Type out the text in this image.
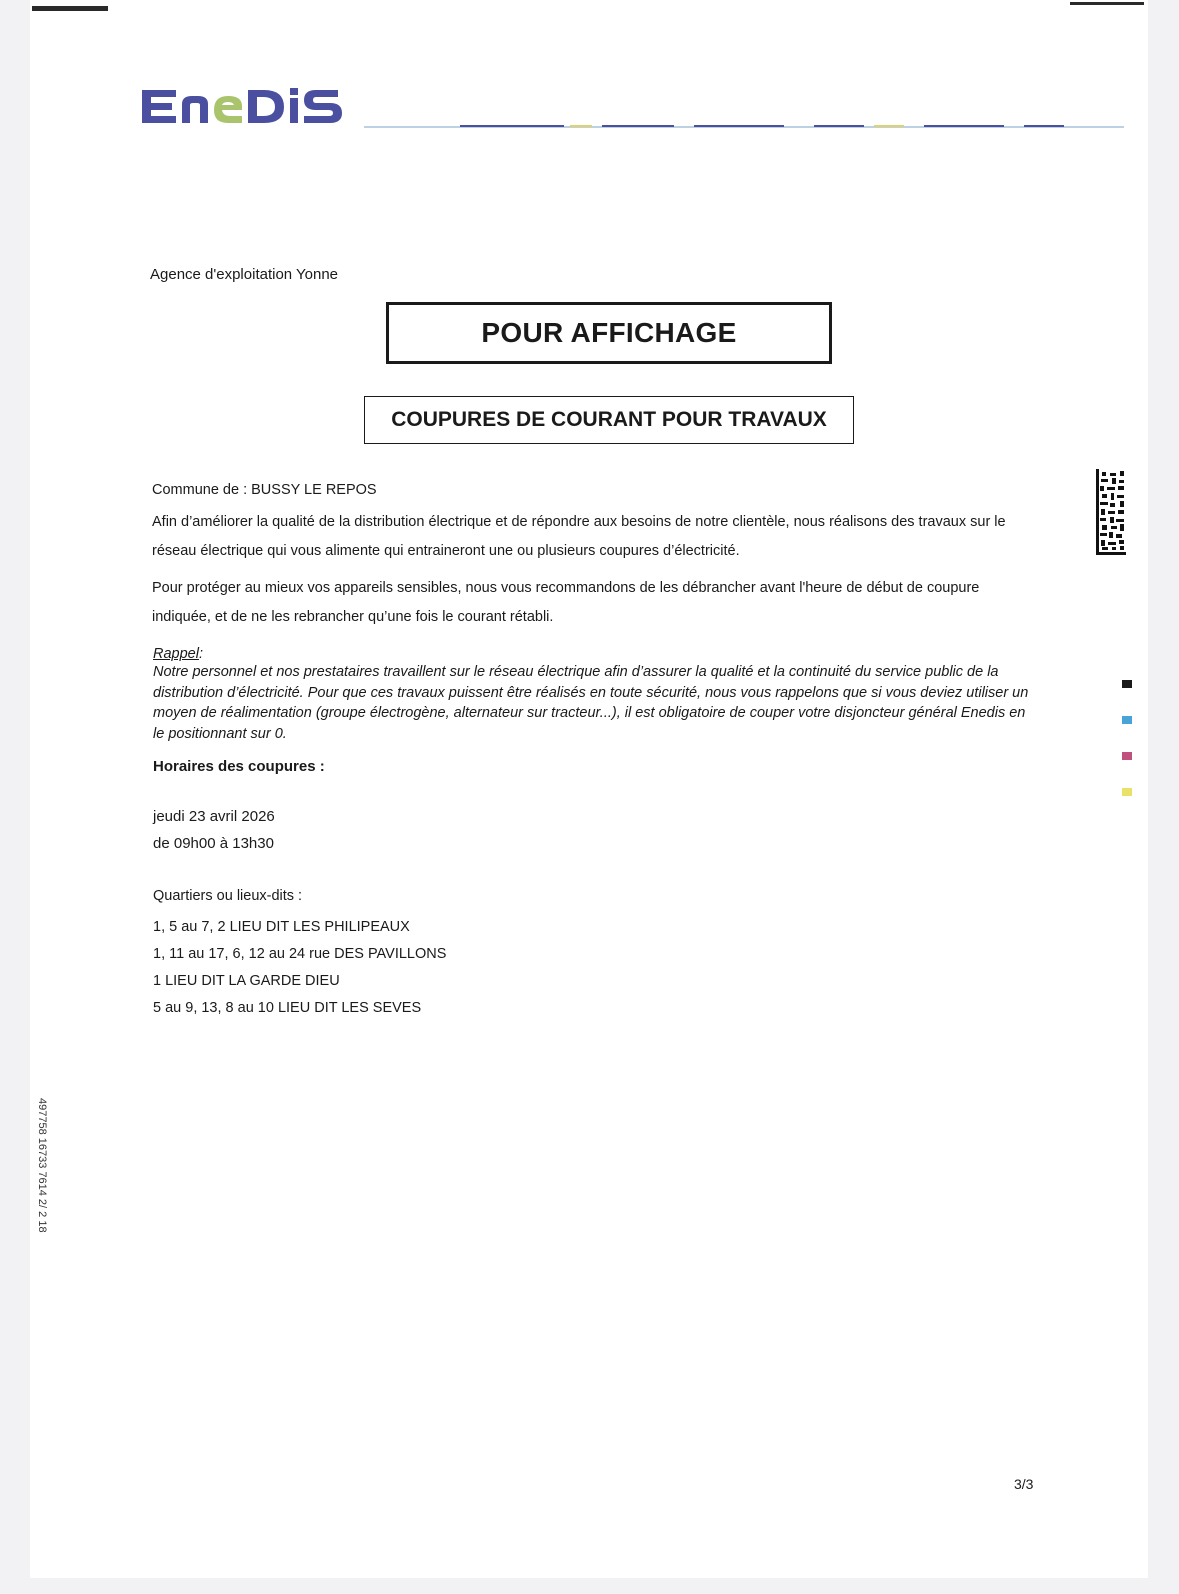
Agence d'exploitation Yonne
POUR AFFICHAGE
COUPURES DE COURANT POUR TRAVAUX
Commune de : BUSSY LE REPOS
Afin d’améliorer la qualité de la distribution électrique et de répondre aux besoins de notre clientèle, nous réalisons des travaux sur le réseau électrique qui vous alimente qui entraineront une ou plusieurs coupures d’électricité.
Pour protéger au mieux vos appareils sensibles, nous vous recommandons de les débrancher avant l'heure de début de coupure indiquée, et de ne les rebrancher qu’une fois le courant rétabli.
Rappel:
Notre personnel et nos prestataires travaillent sur le réseau électrique afin d’assurer la qualité et la continuité du service public de la distribution d’électricité. Pour que ces travaux puissent être réalisés en toute sécurité, nous vous rappelons que si vous deviez utiliser un moyen de réalimentation (groupe électrogène, alternateur sur tracteur...), il est obligatoire de couper votre disjoncteur général Enedis en le positionnant sur 0.
Horaires des coupures :
jeudi 23 avril 2026
de 09h00 à 13h30
Quartiers ou lieux-dits :
1, 5 au 7, 2 LIEU DIT LES PHILIPEAUX
1, 11 au 17, 6, 12 au 24 rue DES PAVILLONS
1 LIEU DIT LA GARDE DIEU
5 au 9, 13, 8 au 10 LIEU DIT LES SEVES
497758 16733 7614 2/ 2 18
3/3
